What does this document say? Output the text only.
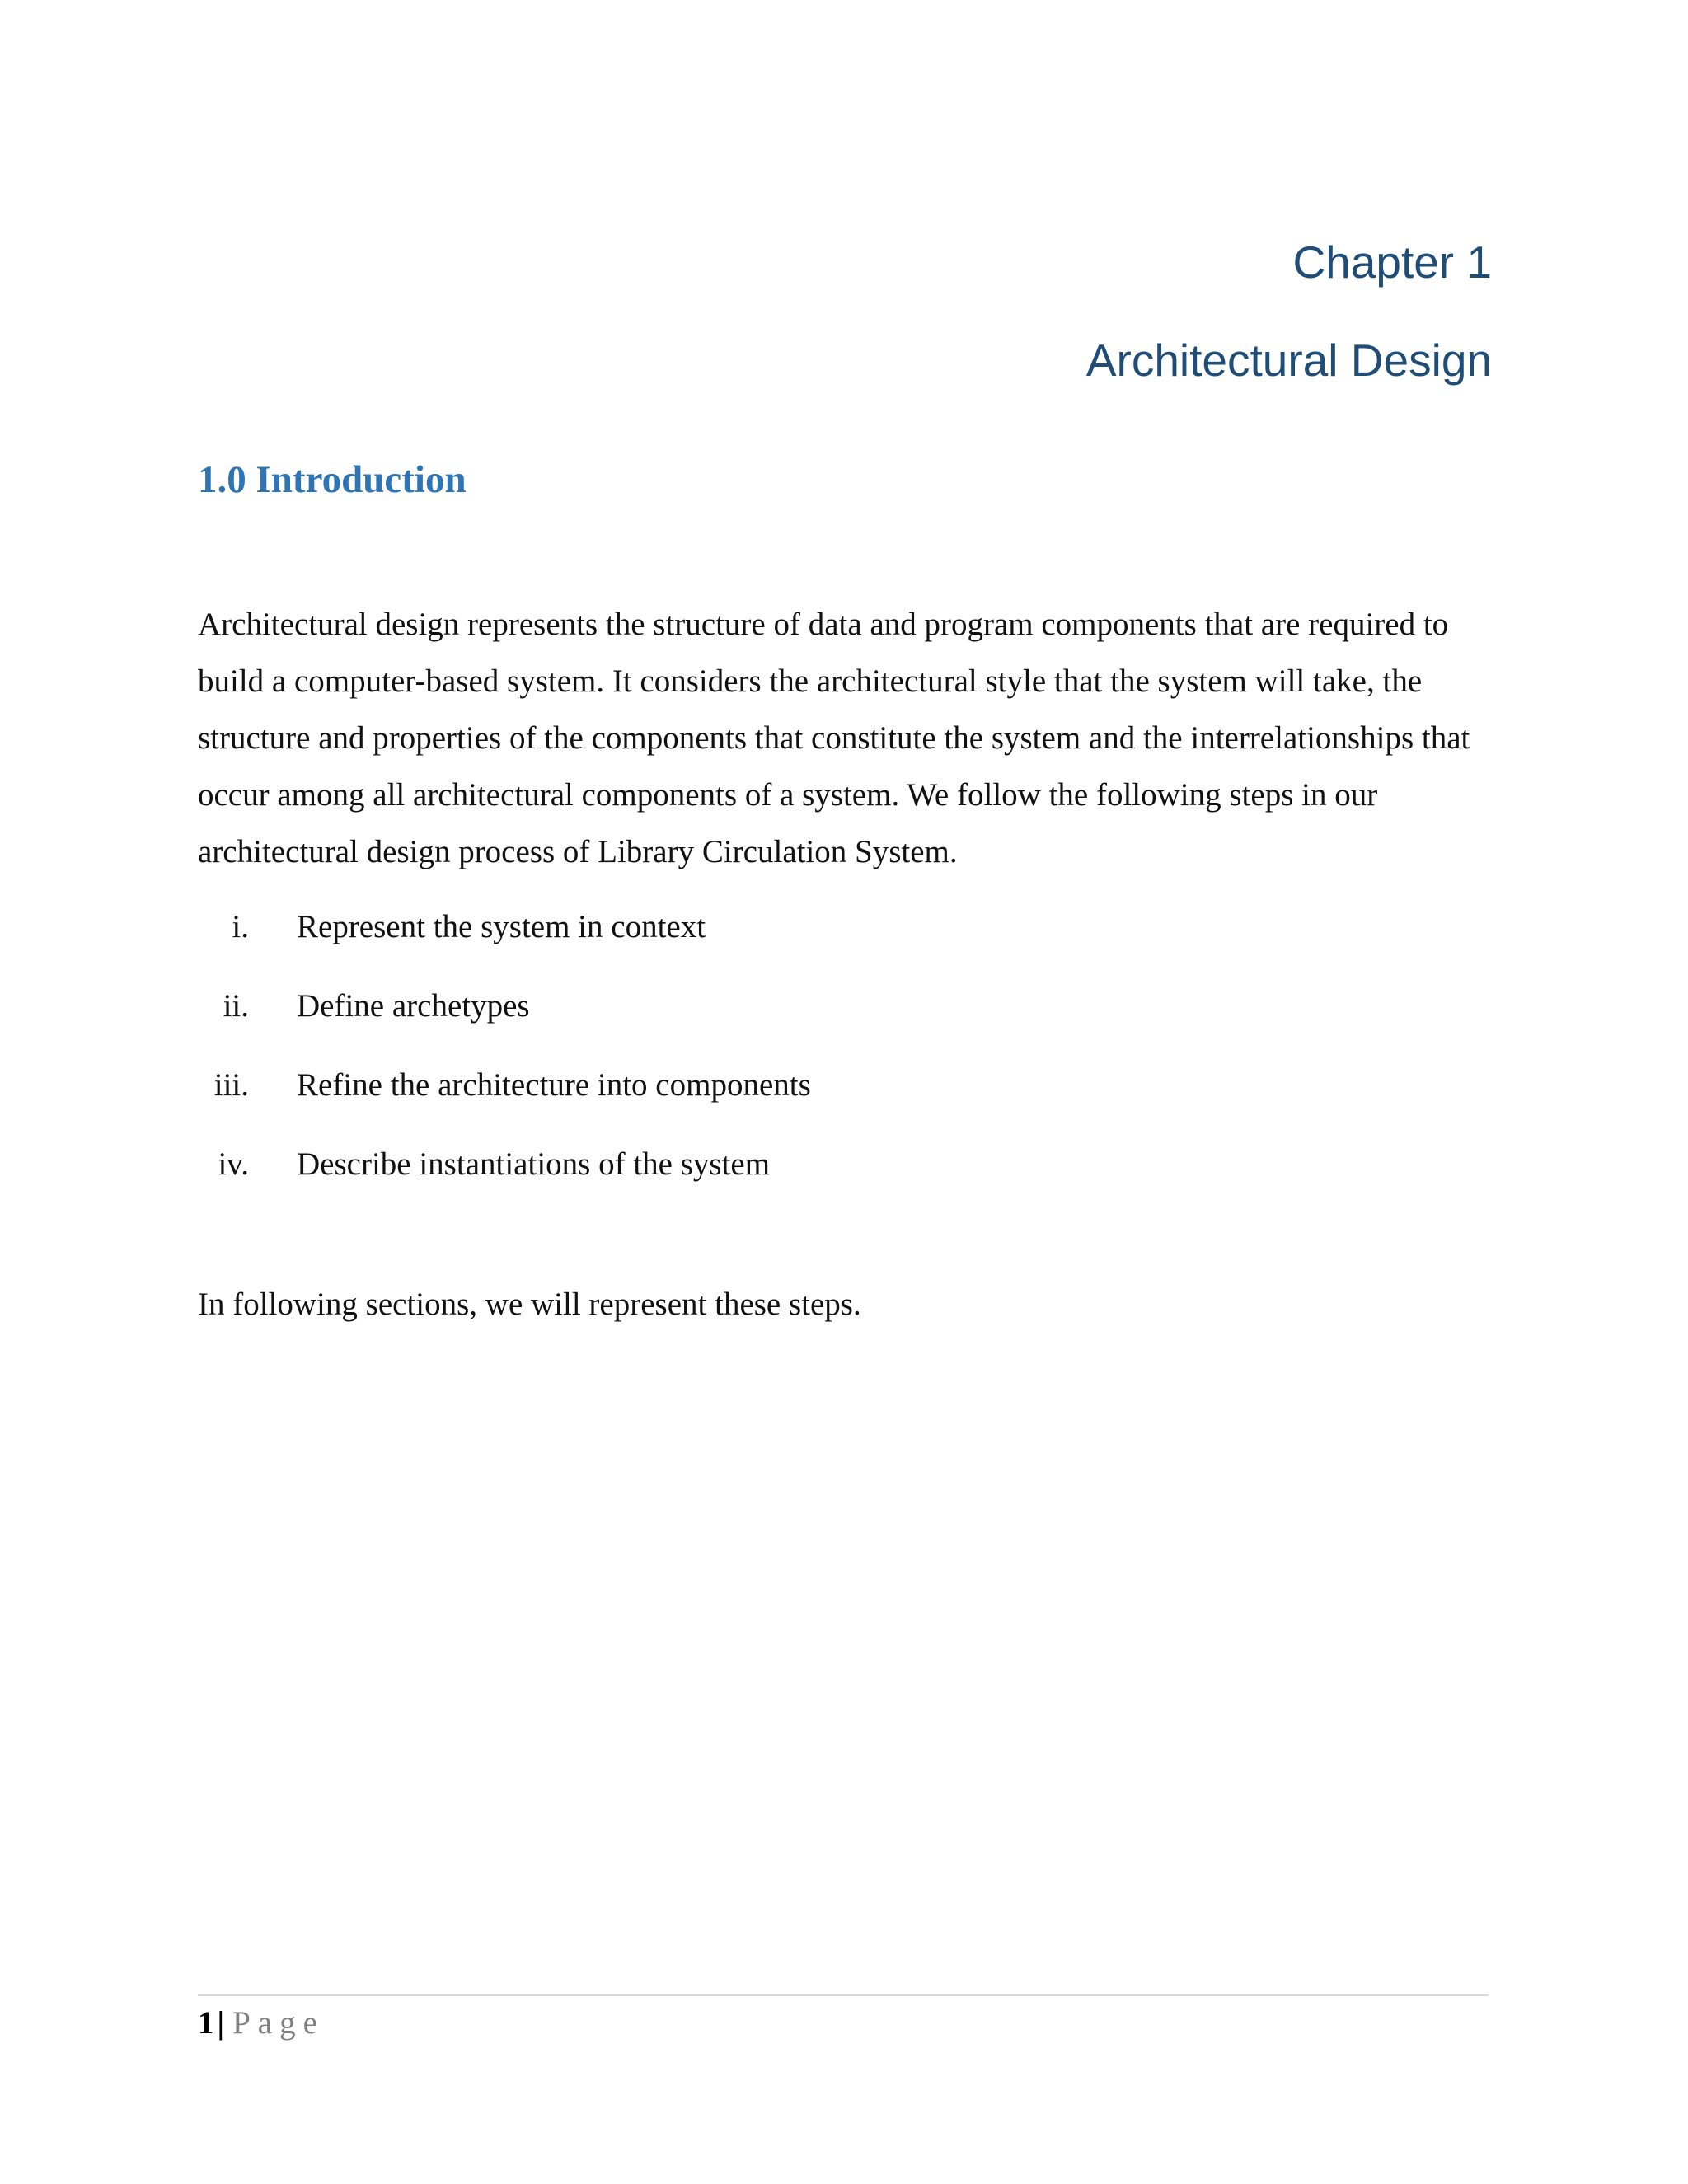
Chapter 1
Architectural Design
1.0 Introduction

Architectural design represents the structure of data and program components that are required to build a computer-based system. It considers the architectural style that the system will take, the structure and properties of the components that constitute the system and the interrelationships that occur among all architectural components of a system. We follow the following steps in our architectural design process of Library Circulation System.

i. Represent the system in context
ii. Define archetypes
iii. Refine the architecture into components
iv. Describe instantiations of the system

In following sections, we will represent these steps.

1 | Page
